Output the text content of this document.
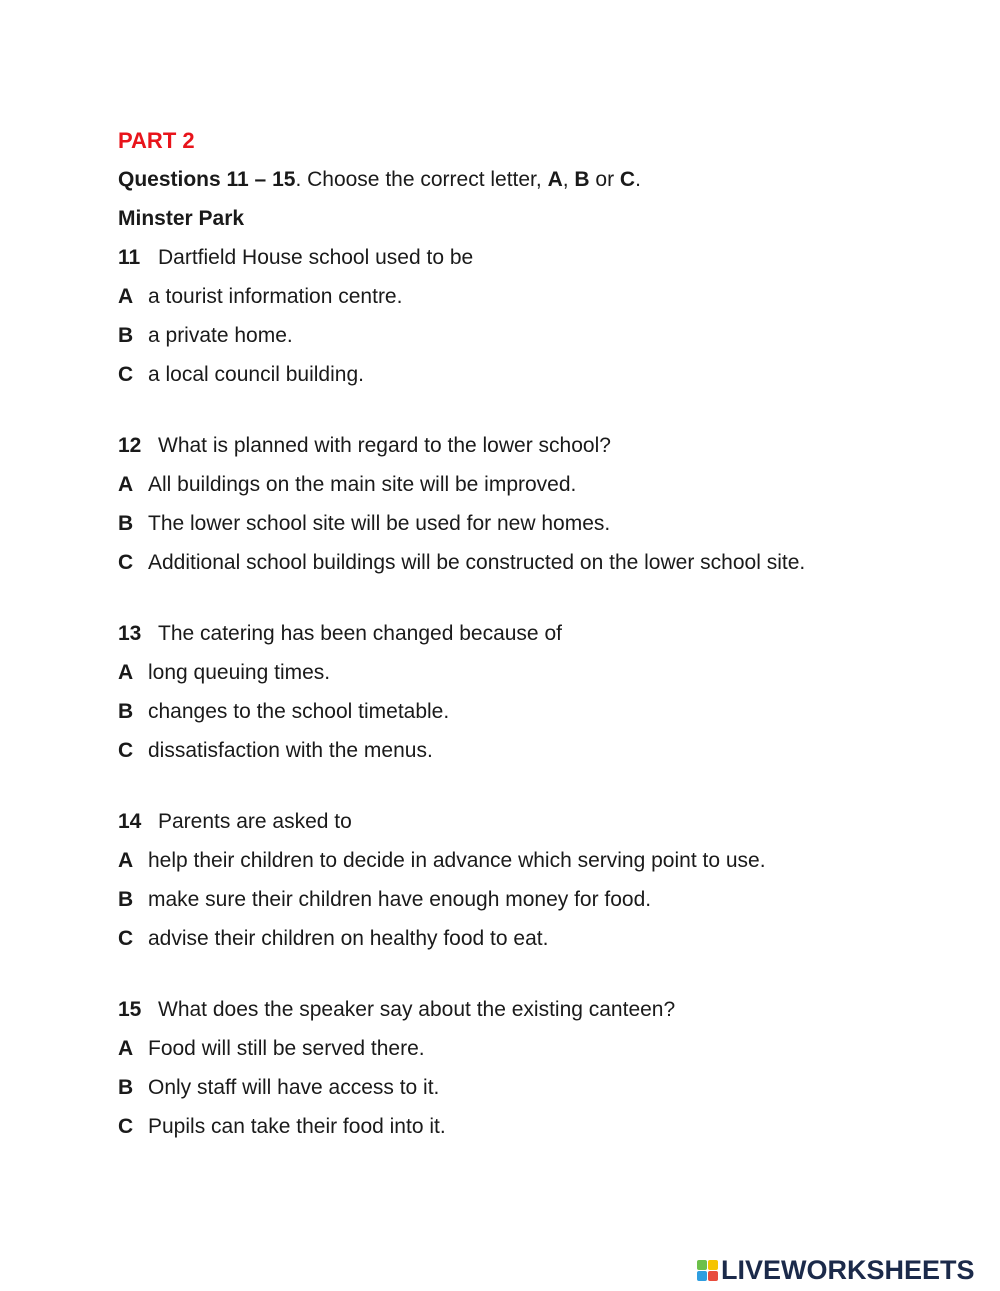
PART 2
Questions 11 – 15. Choose the correct letter, A, B or C.
Minster Park
11 Dartfield House school used to be
A a tourist information centre.
B a private home.
C a local council building.
12 What is planned with regard to the lower school?
A All buildings on the main site will be improved.
B The lower school site will be used for new homes.
C Additional school buildings will be constructed on the lower school site.
13 The catering has been changed because of
A long queuing times.
B changes to the school timetable.
C dissatisfaction with the menus.
14 Parents are asked to
A help their children to decide in advance which serving point to use.
B make sure their children have enough money for food.
C advise their children on healthy food to eat.
15 What does the speaker say about the existing canteen?
A Food will still be served there.
B Only staff will have access to it.
C Pupils can take their food into it.
LIVEWORKSHEETS
